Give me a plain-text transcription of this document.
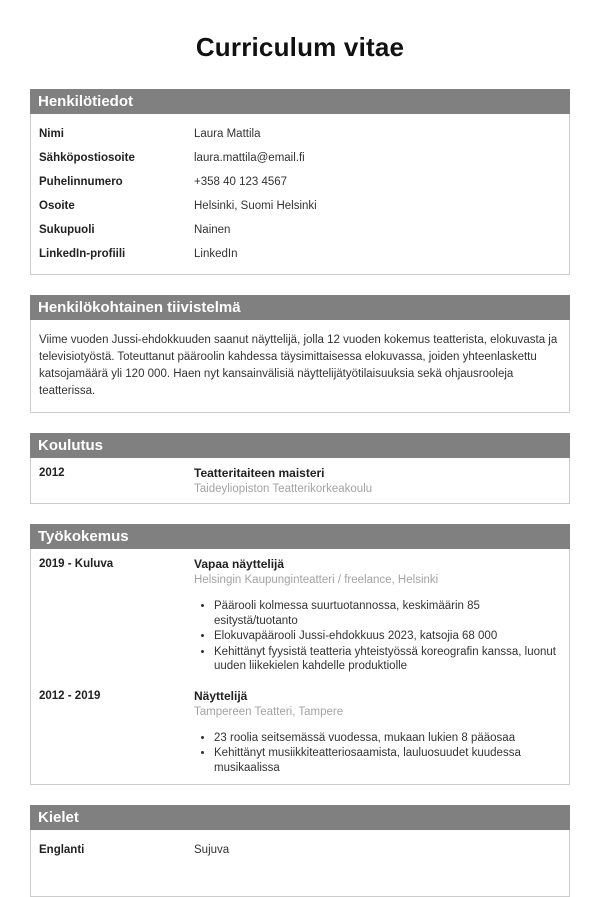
Curriculum vitae
Henkilötiedot
Nimi	Laura Mattila
Sähköpostiosoite	laura.mattila@email.fi
Puhelinnumero	+358 40 123 4567
Osoite	Helsinki, Suomi Helsinki
Sukupuoli	Nainen
LinkedIn-profiili	LinkedIn
Henkilökohtainen tiivistelmä

Viime vuoden Jussi-ehdokkuuden saanut näyttelijä, jolla 12 vuoden kokemus teatterista, elokuvasta ja televisiotyöstä. Toteuttanut pääroolin kahdessa täysimittaisessa elokuvassa, joiden yhteenlaskettu katsojamäärä yli 120 000. Haen nyt kansainvälisiä näyttelijätyötilaisuuksia sekä ohjausrooleja teatterissa.

Koulutus
2012	Teatteritaiteen maisteri
Taideyliopiston Teatterikorkeakoulu
Työkokemus
2019 - Kuluva	Vapaa näyttelijä
Helsingin Kaupunginteatteri / freelance, Helsinki
• Päärooli kolmessa suurtuotannossa, keskimäärin 85 esitystä/tuotanto
• Elokuvapäärooli Jussi-ehdokkuus 2023, katsojia 68 000
• Kehittänyt fyysistä teatteria yhteistyössä koreografin kanssa, luonut uuden liikekielen kahdelle produktiolle
2012 - 2019	Näyttelijä
Tampereen Teatteri, Tampere
• 23 roolia seitsemässä vuodessa, mukaan lukien 8 pääosaa
• Kehittänyt musiikkiteatteriosaamista, lauluosuudet kuudessa musikaalissa
Kielet
Englanti	Sujuva
